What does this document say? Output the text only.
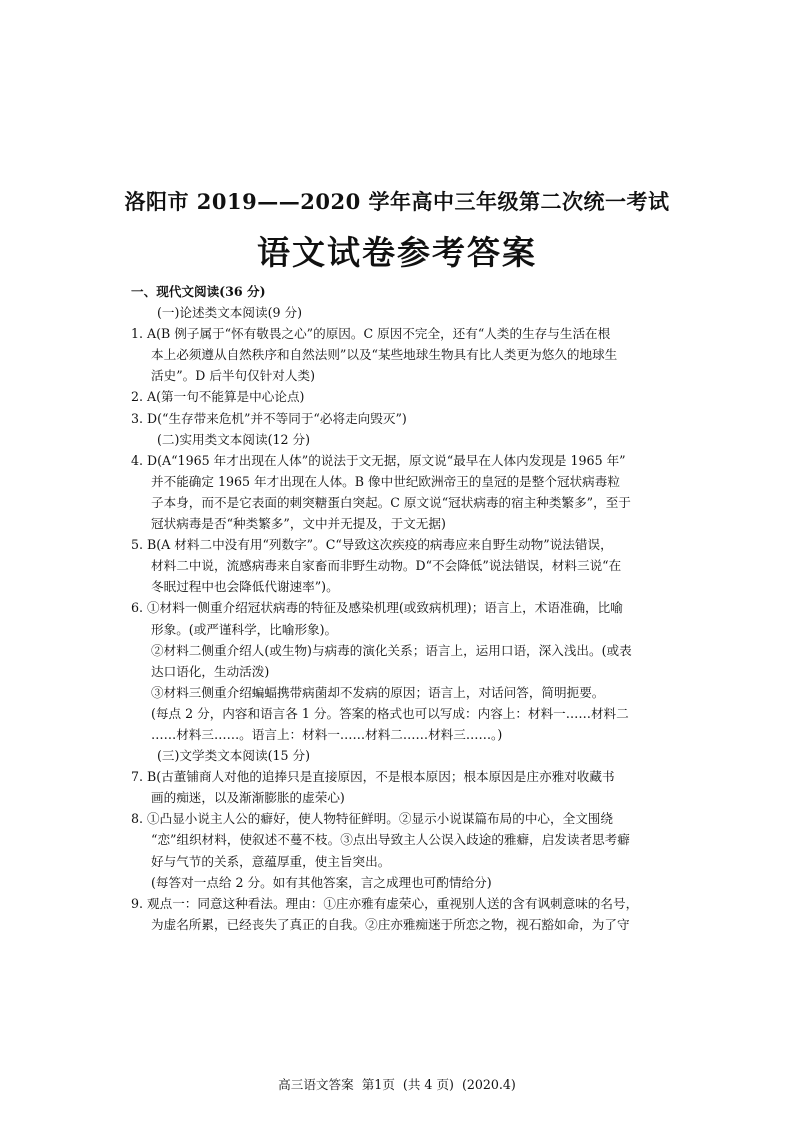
洛阳市 2019——2020 学年高中三年级第二次统一考试
语文试卷参考答案
一、现代文阅读(36 分)
(一)论述类文本阅读(9 分)
1. A(B 例子属于“怀有敬畏之心”的原因。C 原因不完全，还有“人类的生存与生活在根
本上必须遵从自然秩序和自然法则”以及“某些地球生物具有比人类更为悠久的地球生
活史”。D 后半句仅针对人类)
2. A(第一句不能算是中心论点)
3. D(“生存带来危机”并不等同于“必将走向毁灭”)
(二)实用类文本阅读(12 分)
4. D(A“1965 年才出现在人体”的说法于文无据，原文说“最早在人体内发现是 1965 年”
并不能确定 1965 年才出现在人体。B 像中世纪欧洲帝王的皇冠的是整个冠状病毒粒
子本身，而不是它表面的刺突糖蛋白突起。C 原文说“冠状病毒的宿主种类繁多”，至于
冠状病毒是否“种类繁多”，文中并无提及，于文无据)
5. B(A 材料二中没有用“列数字”。C“导致这次疾疫的病毒应来自野生动物”说法错误，
材料二中说，流感病毒来自家畜而非野生动物。D“不会降低”说法错误，材料三说“在
冬眠过程中也会降低代谢速率”)。
6. ①材料一侧重介绍冠状病毒的特征及感染机理(或致病机理)；语言上，术语准确，比喻
形象。(或严谨科学，比喻形象)。
②材料二侧重介绍人(或生物)与病毒的演化关系；语言上，运用口语，深入浅出。(或表
达口语化，生动活泼)
③材料三侧重介绍蝙蝠携带病菌却不发病的原因；语言上，对话问答，简明扼要。
(每点 2 分，内容和语言各 1 分。答案的格式也可以写成：内容上：材料一……材料二
……材料三……。语言上：材料一……材料二……材料三……。)
(三)文学类文本阅读(15 分)
7. B(古董铺商人对他的追捧只是直接原因，不是根本原因；根本原因是庄亦雅对收藏书
画的痴迷，以及渐渐膨胀的虚荣心)
8. ①凸显小说主人公的癖好，使人物特征鲜明。②显示小说谋篇布局的中心，全文围绕
“恋”组织材料，使叙述不蔓不枝。③点出导致主人公误入歧途的雅癖，启发读者思考癖
好与气节的关系，意蕴厚重，使主旨突出。
(每答对一点给 2 分。如有其他答案，言之成理也可酌情给分)
9. 观点一：同意这种看法。理由：①庄亦雅有虚荣心，重视别人送的含有讽刺意味的名号，
为虚名所累，已经丧失了真正的自我。②庄亦雅痴迷于所恋之物，视石豁如命，为了守
高三语文答案  第1页  (共 4 页)  (2020.4)
